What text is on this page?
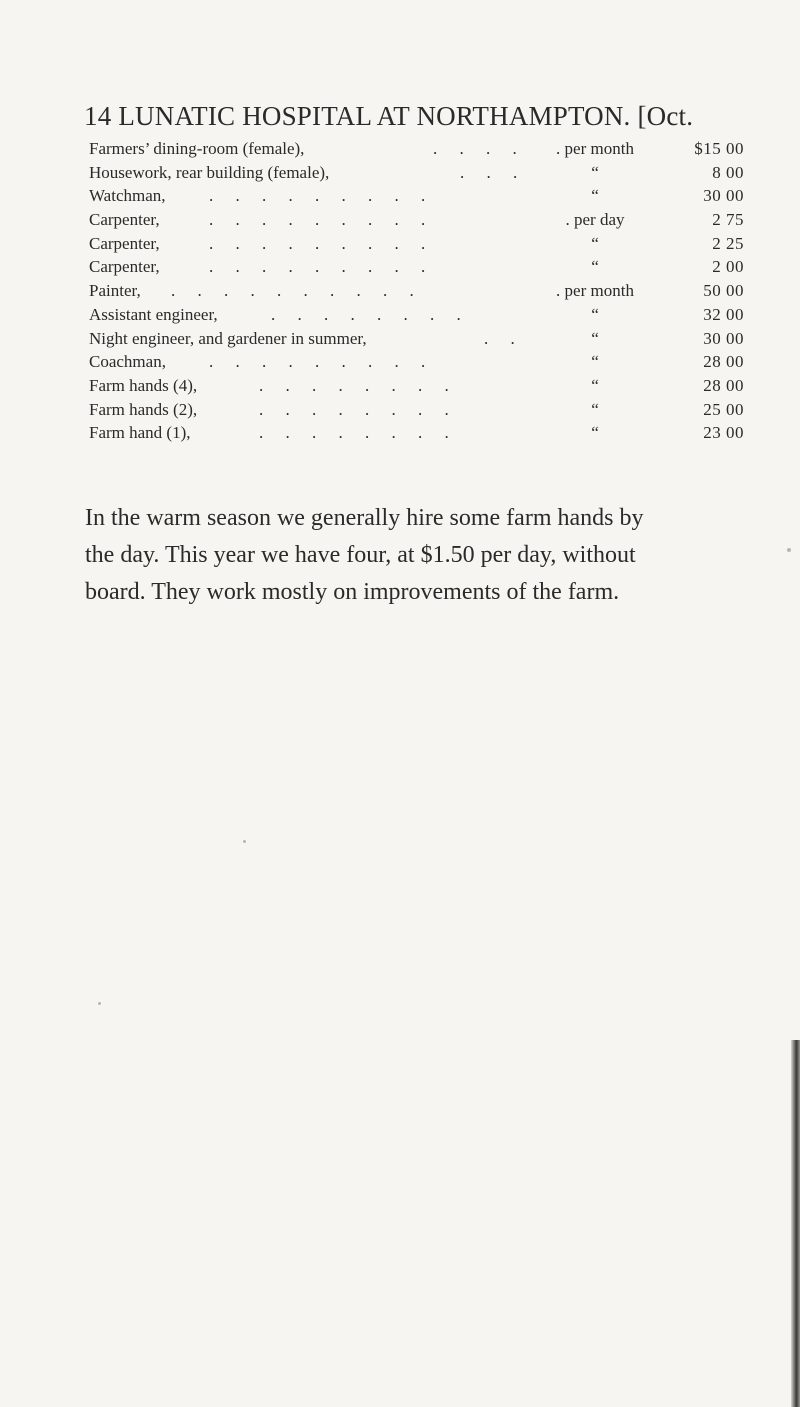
14 LUNATIC HOSPITAL AT NORTHAMPTON. [Oct.
Farmers’ dining-room (female),	. . . .	. per month	$15 00
Housework, rear building (female),	. . .	“	8 00
Watchman,	. . . . . . . . .	“	30 00
Carpenter,	. . . . . . . . .	. per day	2 75
Carpenter,	. . . . . . . . .	“	2 25
Carpenter,	. . . . . . . . .	“	2 00
Painter, . . . . . . . . . .	. per month	50 00
Assistant engineer,	. . . . . . . .	“	32 00
Night engineer, and gardener in summer,	. .	“	30 00
Coachman,	. . . . . . . . .	“	28 00
Farm hands (4),	. . . . . . . .	“	28 00
Farm hands (2),	. . . . . . . .	“	25 00
Farm hand (1),	. . . . . . . .	“	23 00
In the warm season we generally hire some farm hands by
the day. This year we have four, at $1.50 per day, without
board. They work mostly on improvements of the farm.
